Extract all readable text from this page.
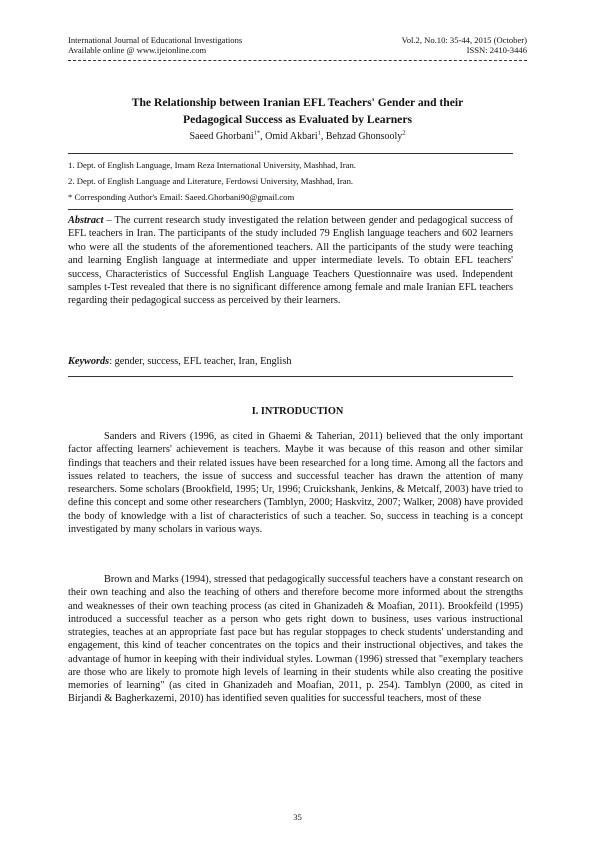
International Journal of Educational Investigations	Vol.2, No.10: 35-44, 2015 (October)
Available online @ www.ijeionline.com	ISSN: 2410-3446
The Relationship between Iranian EFL Teachers' Gender and their
Pedagogical Success as Evaluated by Learners
Saeed Ghorbani$^{1*}$, Omid Akbari$^1$, Behzad Ghonsooly$^2$
1. Dept. of English Language, Imam Reza International University, Mashhad, Iran.
2. Dept. of English Language and Literature, Ferdowsi University, Mashhad, Iran.
* Corresponding Author's Email: Saeed.Ghorbani90@gmail.com
Abstract – The current research study investigated the relation between gender and pedagogical success of EFL teachers in Iran. The participants of the study included 79 English language teachers and 602 learners who were all the students of the aforementioned teachers. All the participants of the study were teaching and learning English language at intermediate and upper intermediate levels. To obtain EFL teachers' success, Characteristics of Successful English Language Teachers Questionnaire was used. Independent samples t-Test revealed that there is no significant difference among female and male Iranian EFL teachers regarding their pedagogical success as perceived by their learners.
Keywords: gender, success, EFL teacher, Iran, English
I. INTRODUCTION

Sanders and Rivers (1996, as cited in Ghaemi & Taherian, 2011) believed that the only important factor affecting learners' achievement is teachers. Maybe it was because of this reason and other similar findings that teachers and their related issues have been researched for a long time. Among all the factors and issues related to teachers, the issue of success and successful teacher has drawn the attention of many researchers. Some scholars (Brookfield, 1995; Ur, 1996; Cruickshank, Jenkins, & Metcalf, 2003) have tried to define this concept and some other researchers (Tamblyn, 2000; Haskvitz, 2007; Walker, 2008) have provided the body of knowledge with a list of characteristics of such a teacher. So, success in teaching is a concept investigated by many scholars in various ways.

Brown and Marks (1994), stressed that pedagogically successful teachers have a constant research on their own teaching and also the teaching of others and therefore become more informed about the strengths and weaknesses of their own teaching process (as cited in Ghanizadeh & Moafian, 2011). Brookfeild (1995) introduced a successful teacher as a person who gets right down to business, uses various instructional strategies, teaches at an appropriate fast pace but has regular stoppages to check students' understanding and engagement, this kind of teacher concentrates on the topics and their instructional objectives, and takes the advantage of humor in keeping with their individual styles. Lowman (1996) stressed that "exemplary teachers are those who are likely to promote high levels of learning in their students while also creating the positive memories of learning" (as cited in Ghanizadeh and Moafian, 2011, p. 254). Tamblyn (2000, as cited in Birjandi & Bagherkazemi, 2010) has identified seven qualities for successful teachers, most of these

35
